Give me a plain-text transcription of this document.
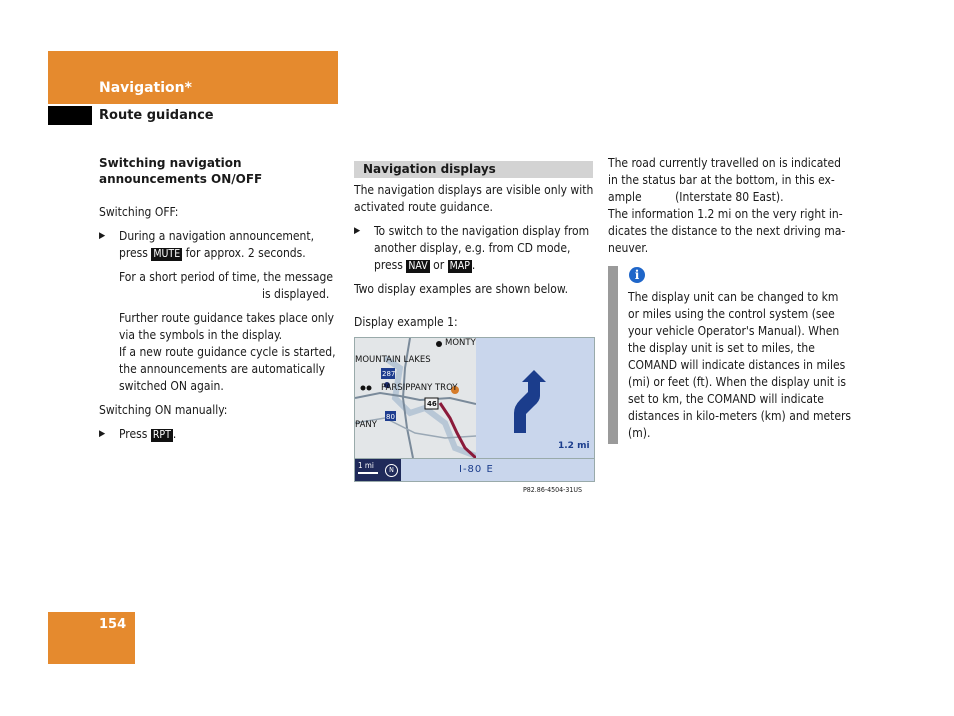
Navigation*
Route guidance

Switching navigation announcements ON/OFF

Switching OFF:

▶ During a navigation announcement,
press MUTE for approx. 2 seconds.
For a short period of time, the message
is displayed.
Further route guidance takes place only via the symbols in the display.
If a new route guidance cycle is started, the announcements are automatically switched ON again.

Switching ON manually:

▶ Press RPT .
Navigation displays

The navigation displays are visible only with activated route guidance.

▶ To switch to the navigation display from another display, e.g. from CD mode, press NAV or MAP .

Two display examples are shown below.

Display example 1:

MONTY
MOUNTAIN LAKES
PARSIPPANY TROY
PANY
287
80
46
1.2 mi
1 mi	N	I-80 E

P82.86-4504-31US

The road currently travelled on is indicated in the status bar at the bottom, in this ex-ample	(Interstate 80 East).

The information 1.2 mi on the very right in-dicates the distance to the next driving ma-neuver.

i

The display unit can be changed to km or miles using the control system (see your vehicle Operator's Manual). When the display unit is set to miles, the COMAND will indicate distances in miles (mi) or feet (ft). When the display unit is set to km, the COMAND will indicate distances in kilo-meters (km) and meters (m).

154
